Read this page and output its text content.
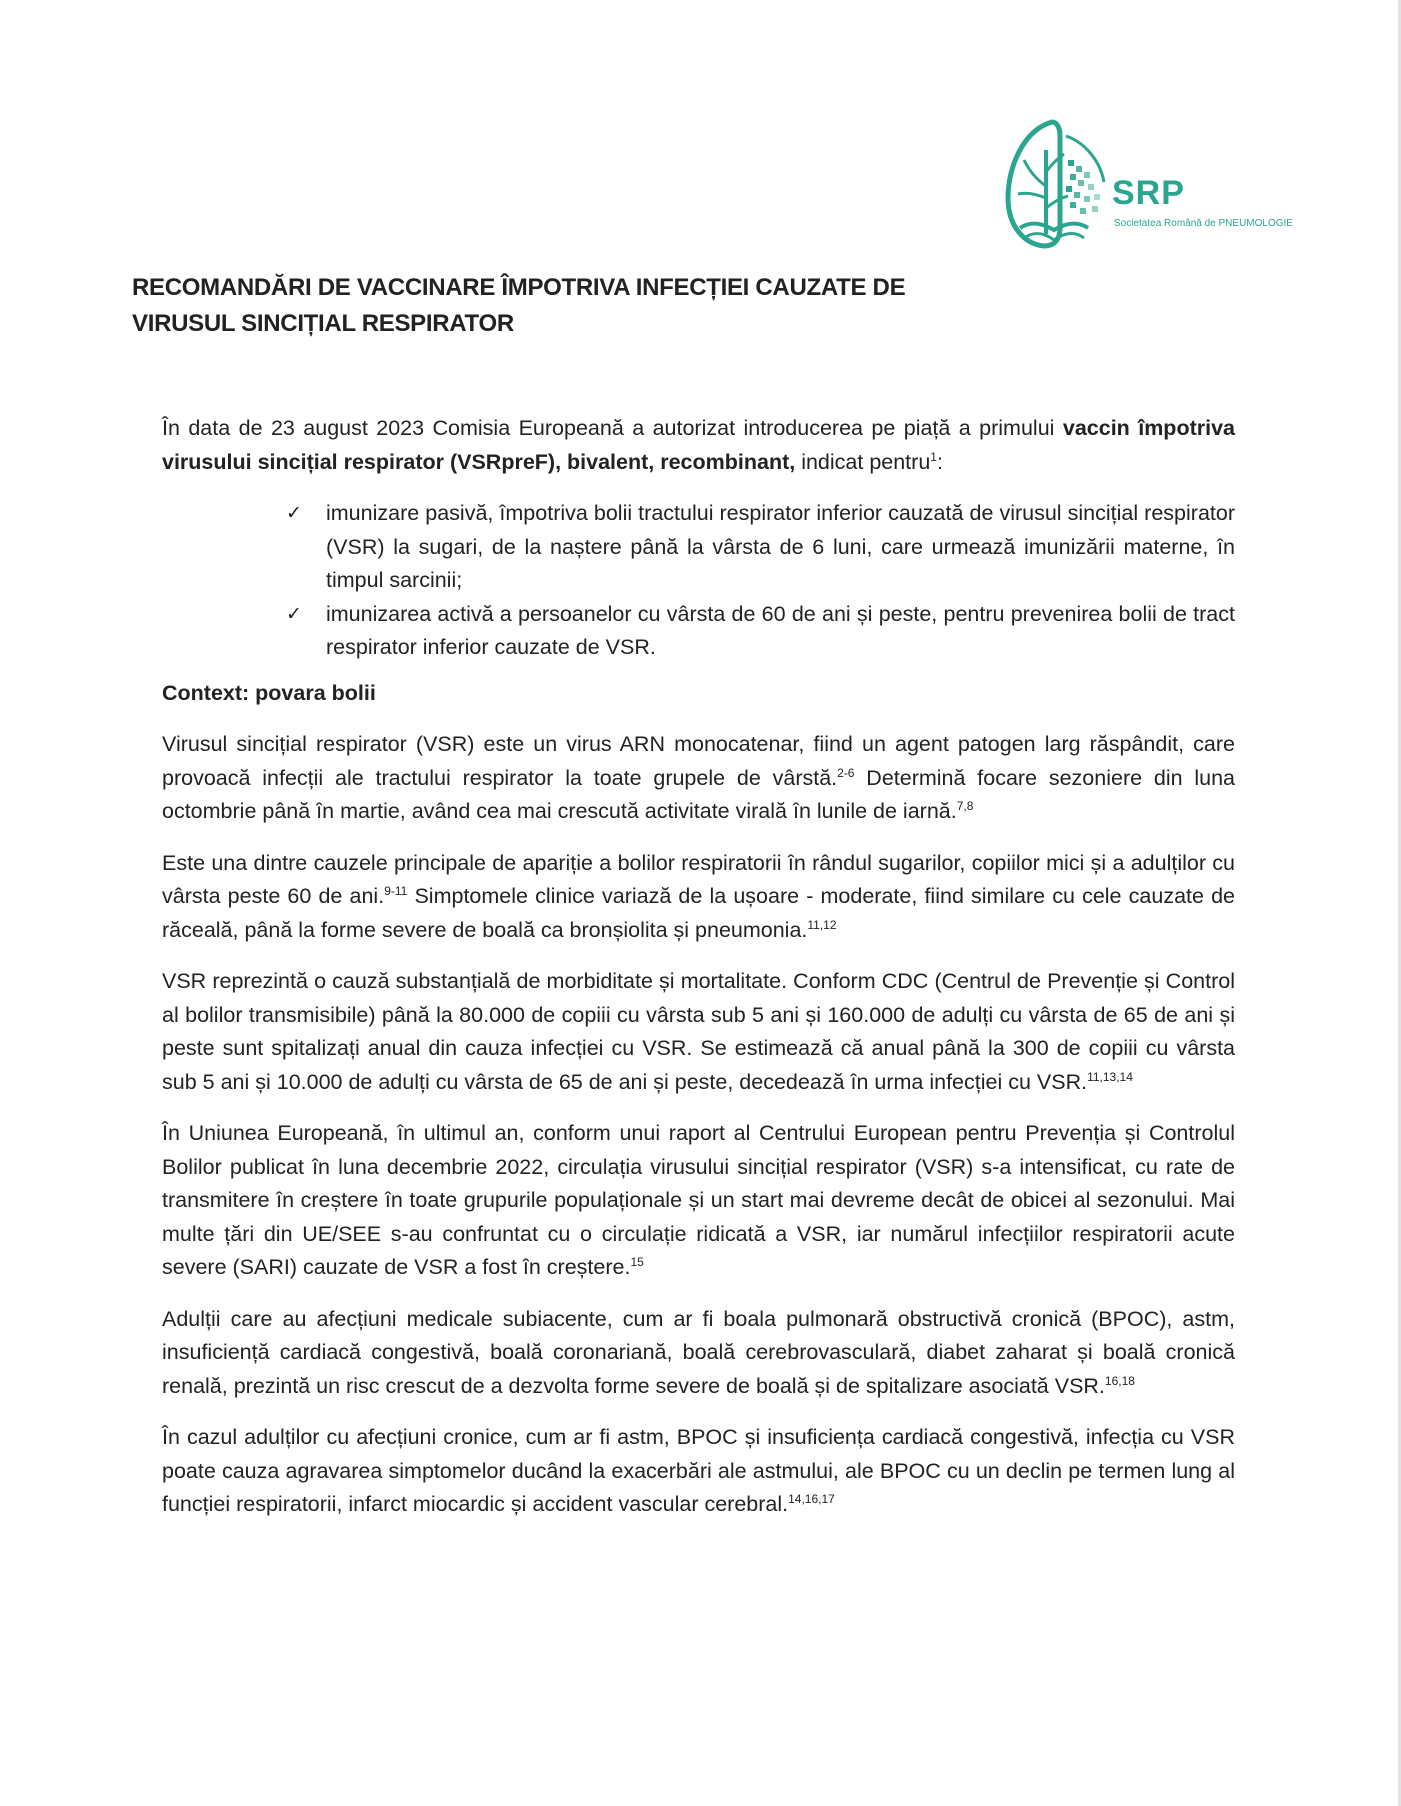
SRP
Societatea Română de PNEUMOLOGIE
RECOMANDĂRI DE VACCINARE ÎMPOTRIVA INFECȚIEI CAUZATE DE
VIRUSUL SINCIȚIAL RESPIRATOR

În data de 23 august 2023 Comisia Europeană a autorizat introducerea pe piață a primului vaccin împotriva virusului sincițial respirator (VSRpreF), bivalent, recombinant, indicat pentru$^1$:

✓ imunizare pasivă, împotriva bolii tractului respirator inferior cauzată de virusul sincițial respirator (VSR) la sugari, de la naștere până la vârsta de 6 luni, care urmează imunizării materne, în timpul sarcinii;
✓ imunizarea activă a persoanelor cu vârsta de 60 de ani și peste, pentru prevenirea bolii de tract respirator inferior cauzate de VSR.
Context: povara bolii

Virusul sincițial respirator (VSR) este un virus ARN monocatenar, fiind un agent patogen larg răspândit, care provoacă infecții ale tractului respirator la toate grupele de vârstă.$^{2-6}$ Determină focare sezoniere din luna octombrie până în martie, având cea mai crescută activitate virală în lunile de iarnă.$^{7,8}$

Este una dintre cauzele principale de apariție a bolilor respiratorii în rândul sugarilor, copiilor mici și a adulților cu vârsta peste 60 de ani.$^{9-11}$ Simptomele clinice variază de la ușoare - moderate, fiind similare cu cele cauzate de răceală, până la forme severe de boală ca bronșiolita și pneumonia.$^{11,12}$

VSR reprezintă o cauză substanțială de morbiditate și mortalitate. Conform CDC (Centrul de Prevenție și Control al bolilor transmisibile) până la 80.000 de copiii cu vârsta sub 5 ani și 160.000 de adulți cu vârsta de 65 de ani și peste sunt spitalizați anual din cauza infecției cu VSR. Se estimează că anual până la 300 de copiii cu vârsta sub 5 ani și 10.000 de adulți cu vârsta de 65 de ani și peste, decedează în urma infecției cu VSR.$^{11,13,14}$

În Uniunea Europeană, în ultimul an, conform unui raport al Centrului European pentru Prevenția și Controlul Bolilor publicat în luna decembrie 2022, circulația virusului sincițial respirator (VSR) s-a intensificat, cu rate de transmitere în creștere în toate grupurile populaționale și un start mai devreme decât de obicei al sezonului. Mai multe țări din UE/SEE s-au confruntat cu o circulație ridicată a VSR, iar numărul infecțiilor respiratorii acute severe (SARI) cauzate de VSR a fost în creștere.$^{15}$

Adulții care au afecțiuni medicale subiacente, cum ar fi boala pulmonară obstructivă cronică (BPOC), astm, insuficiență cardiacă congestivă, boală coronariană, boală cerebrovasculară, diabet zaharat și boală cronică renală, prezintă un risc crescut de a dezvolta forme severe de boală și de spitalizare asociată VSR.$^{16,18}$

În cazul adulților cu afecțiuni cronice, cum ar fi astm, BPOC și insuficiența cardiacă congestivă, infecția cu VSR poate cauza agravarea simptomelor ducând la exacerbări ale astmului, ale BPOC cu un declin pe termen lung al funcției respiratorii, infarct miocardic și accident vascular cerebral.$^{14,16,17}$
